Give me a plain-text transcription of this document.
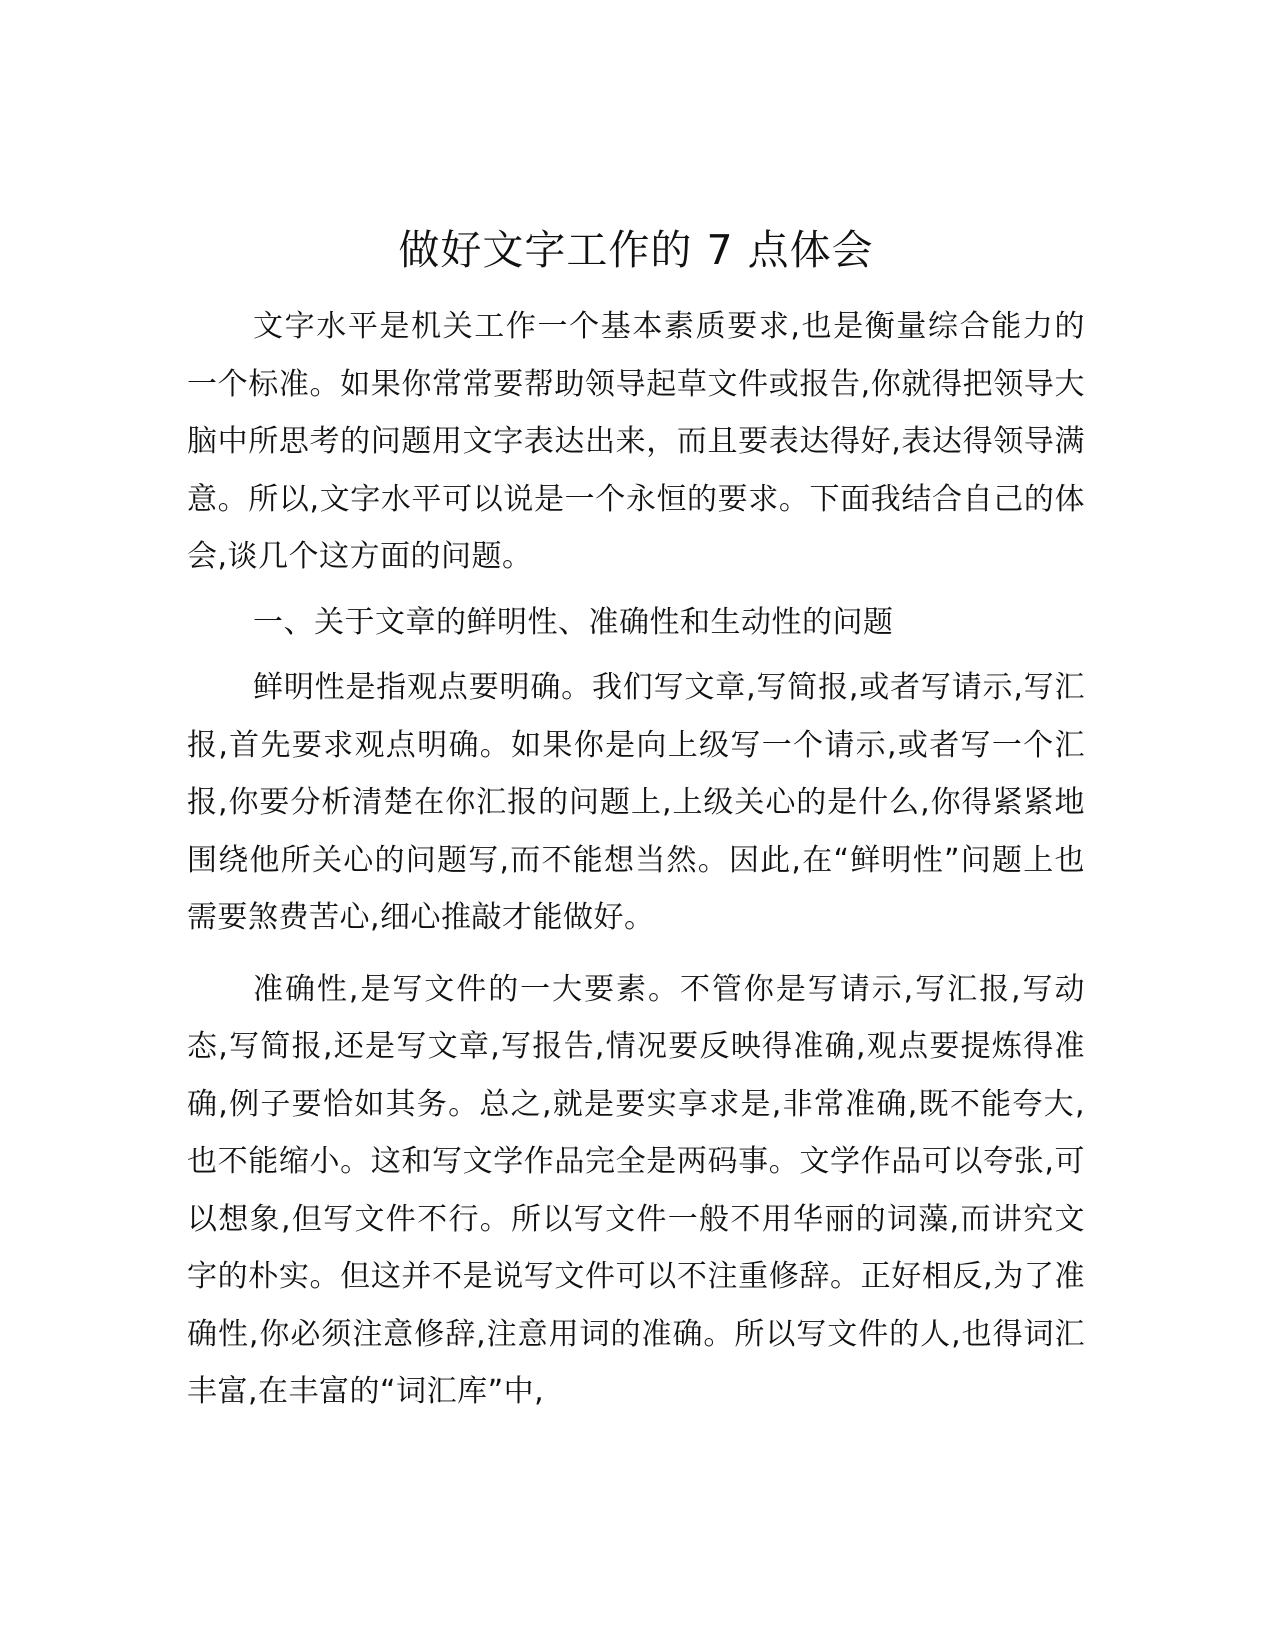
做好文字工作的 7 点体会

文字水平是机关工作一个基本素质要求,也是衡量综合能力的一个标准。如果你常常要帮助领导起草文件或报告,你就得把领导大脑中所思考的问题用文字表达出来，而且要表达得好,表达得领导满意。所以,文字水平可以说是一个永恒的要求。下面我结合自己的体会,谈几个这方面的问题。

一、关于文章的鲜明性、准确性和生动性的问题

鲜明性是指观点要明确。我们写文章,写简报,或者写请示,写汇报,首先要求观点明确。如果你是向上级写一个请示,或者写一个汇报,你要分析清楚在你汇报的问题上,上级关心的是什么,你得紧紧地围绕他所关心的问题写,而不能想当然。因此,在“鲜明性”问题上也需要煞费苦心,细心推敲才能做好。

准确性,是写文件的一大要素。不管你是写请示,写汇报,写动态,写简报,还是写文章,写报告,情况要反映得准确,观点要提炼得准确,例子要恰如其务。总之,就是要实享求是,非常准确,既不能夸大,也不能缩小。这和写文学作品完全是两码事。文学作品可以夸张,可以想象,但写文件不行。所以写文件一般不用华丽的词藻,而讲究文字的朴实。但这并不是说写文件可以不注重修辞。正好相反,为了准确性,你必须注意修辞,注意用词的准确。所以写文件的人,也得词汇丰富,在丰富的“词汇库”中,
